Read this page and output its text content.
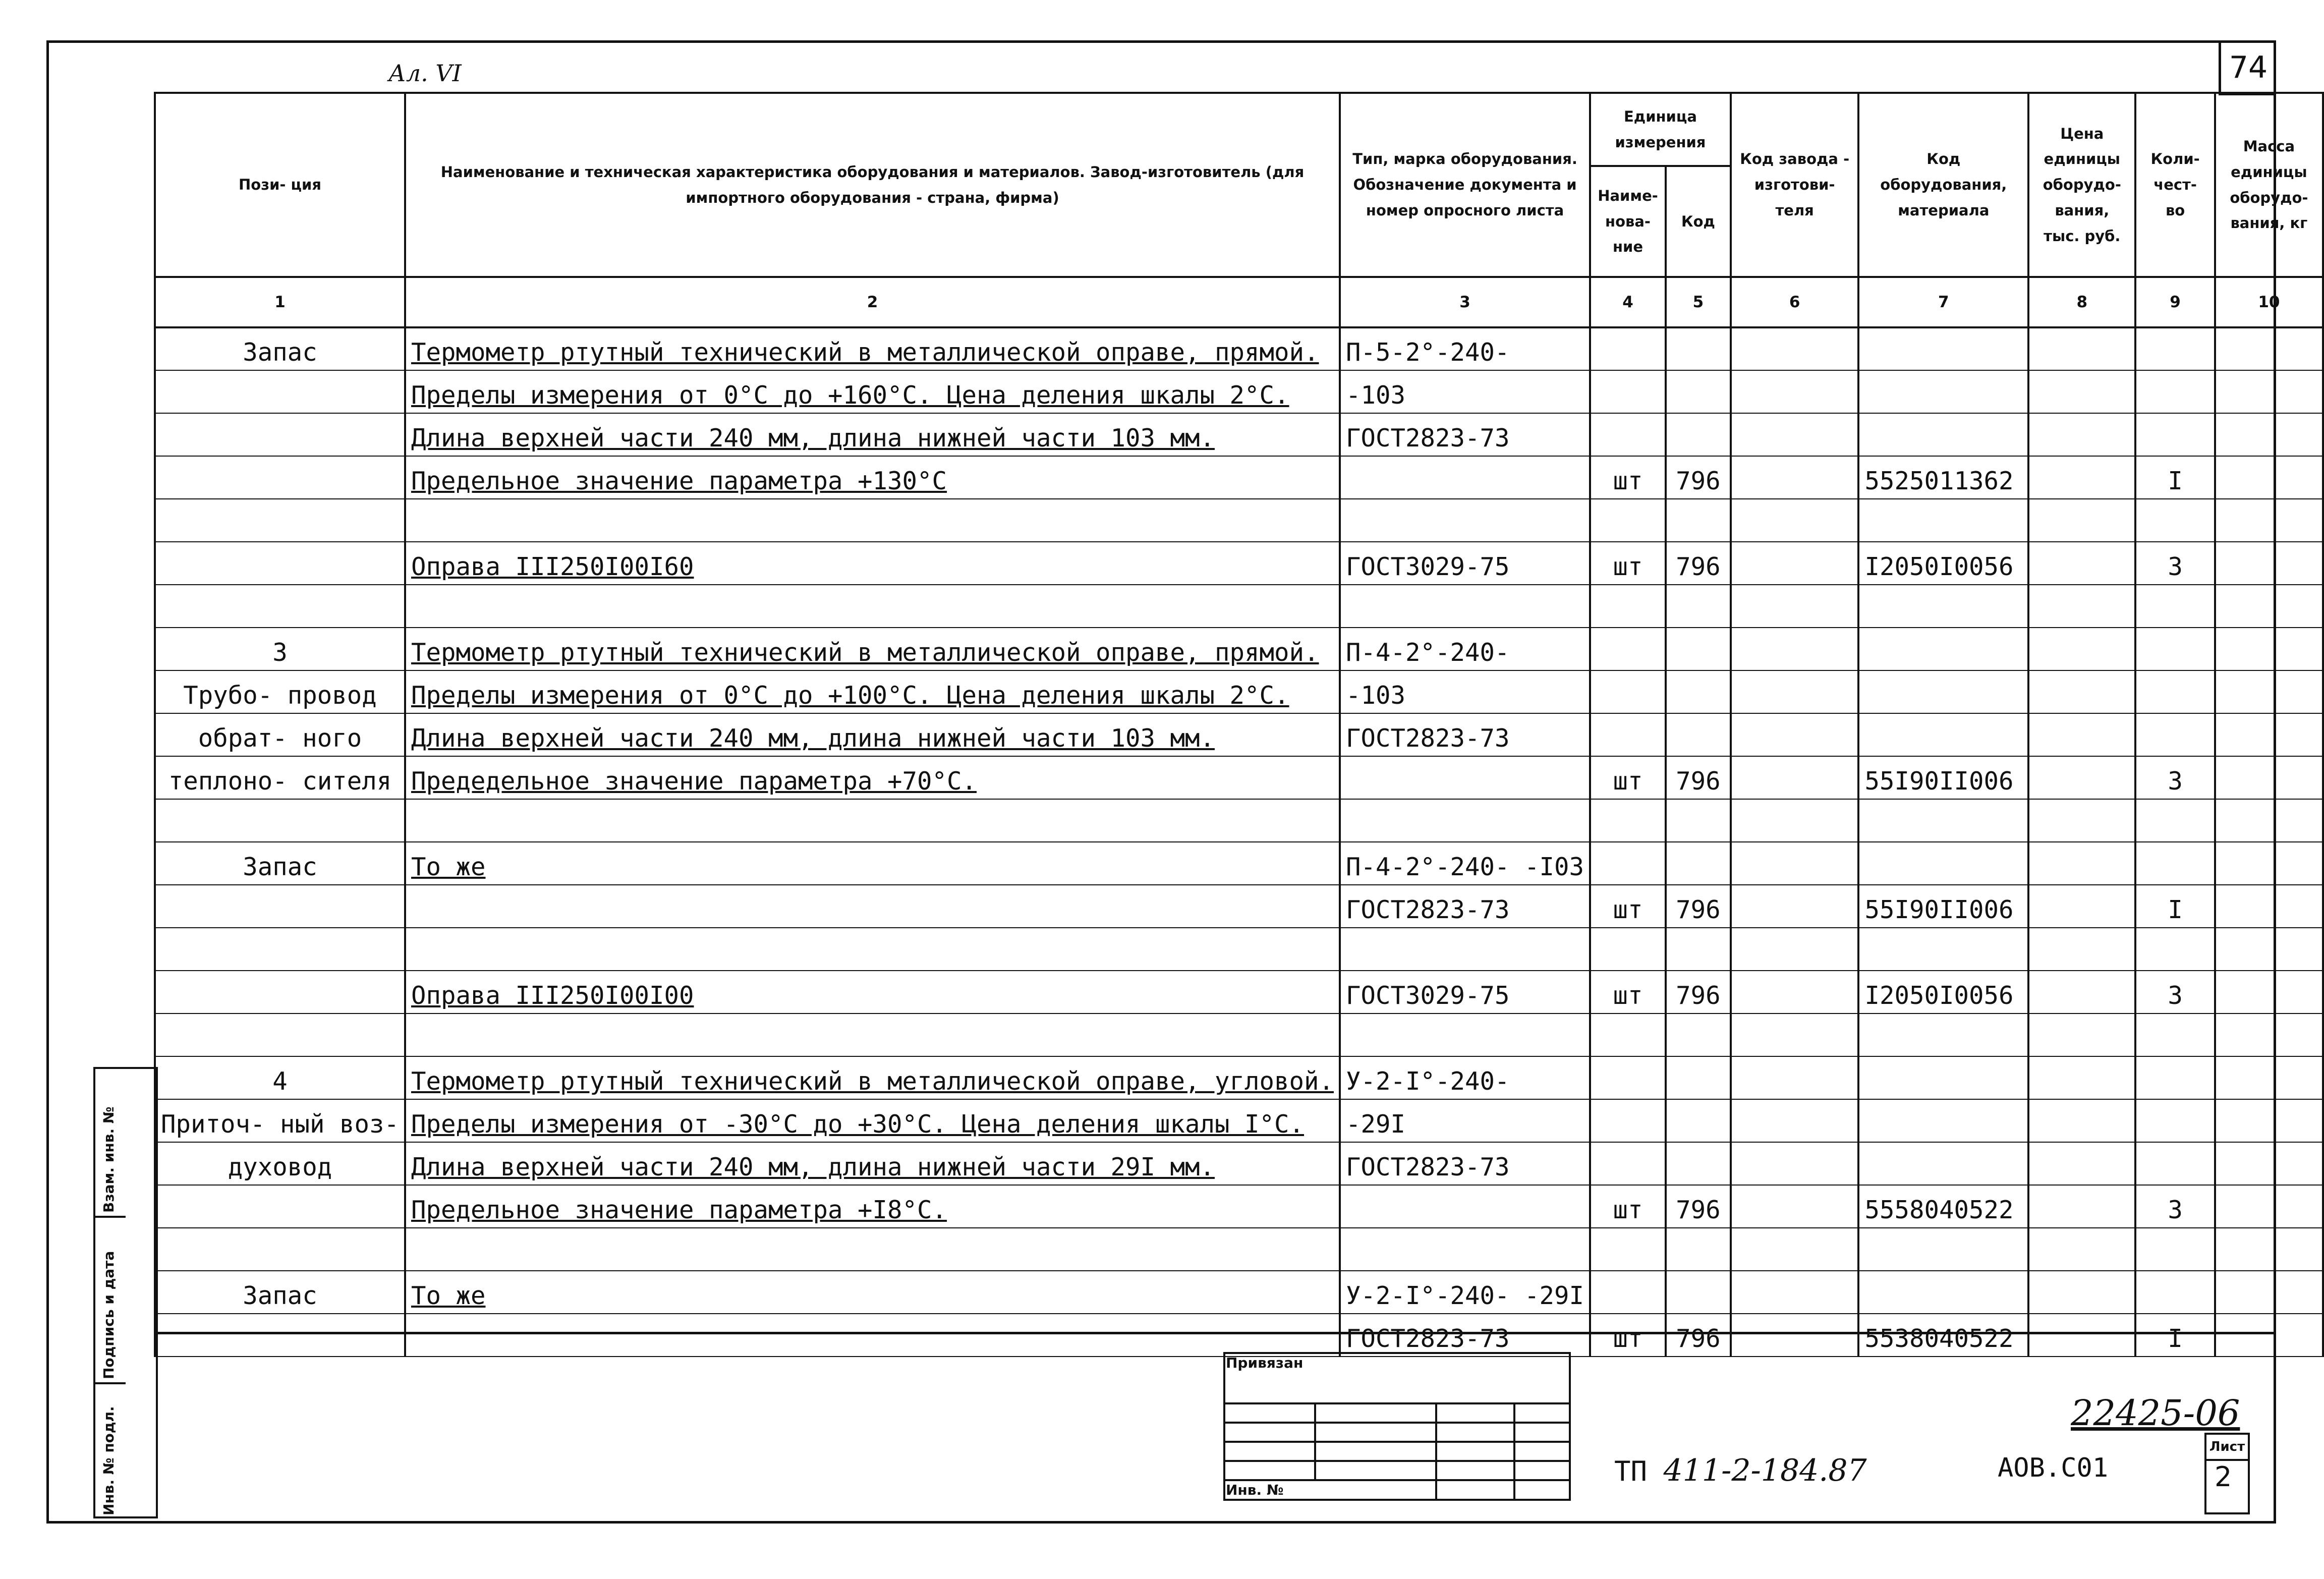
Ал. VI	74
Пози- ция	Наименование и техническая характеристика оборудования и материалов. Завод-изготовитель (для импортного оборудования - страна, фирма)	Тип, марка оборудования. Обозначение документа и номер опросного листа	Единица измерения		Код завода - изготови- теля	Код оборудования, материала	Цена единицы оборудо- вания, тыс. руб.	Коли- чест- во	Масса единицы оборудо- вания, кг
			Наиме- нова- ние	Код					
1	2	3	4	5	6	7	8	9	10
Запас	Термометр ртутный технический в металлической оправе, прямой.	П-5-2°-240-							
	Пределы измерения от 0°С до +160°С. Цена деления шкалы 2°С.	-103							
	Длина верхней части 240 мм, длина нижней части 103 мм.	ГОСТ2823-73							
	Предельное значение параметра +130°С		шт	796		5525011362		I	

	Оправа III250I00I60	ГОСТ3029-75	шт	796		I2050I0056		3	

3	Термометр ртутный технический в металлической оправе, прямой.	П-4-2°-240-							
Трубо- провод	Пределы измерения от 0°С до +100°С. Цена деления шкалы 2°С.	-103							
обрат- ного	Длина верхней части 240 мм, длина нижней части 103 мм.	ГОСТ2823-73							
теплоно- сителя	Предедельное значение параметра +70°С.		шт	796		55I90II006		3	

Запас	То же	П-4-2°-240- -I03							
		ГОСТ2823-73	шт	796		55I90II006		I	

	Оправа III250I00I00	ГОСТ3029-75	шт	796		I2050I0056		3	

4	Термометр ртутный технический в металлической оправе, угловой.	У-2-I°-240-							
Приточ- ный воз-	Пределы измерения от -30°С до +30°С. Цена деления шкалы I°С.	-29I							
духовод	Длина верхней части 240 мм, длина нижней части 29I мм.	ГОСТ2823-73							
	Предельное значение параметра +I8°С.		шт	796		5558040522		3	

Запас	То же	У-2-I°-240- -29I							
		ГОСТ2823-73	шт	796		5538040522		I	
Привязан			

Инв. №			
Взам. инв. №
Подпись и дата
Инв. № подл.	22425-06
ТП 411-2-184.87	АОВ.С01
Лист
2
